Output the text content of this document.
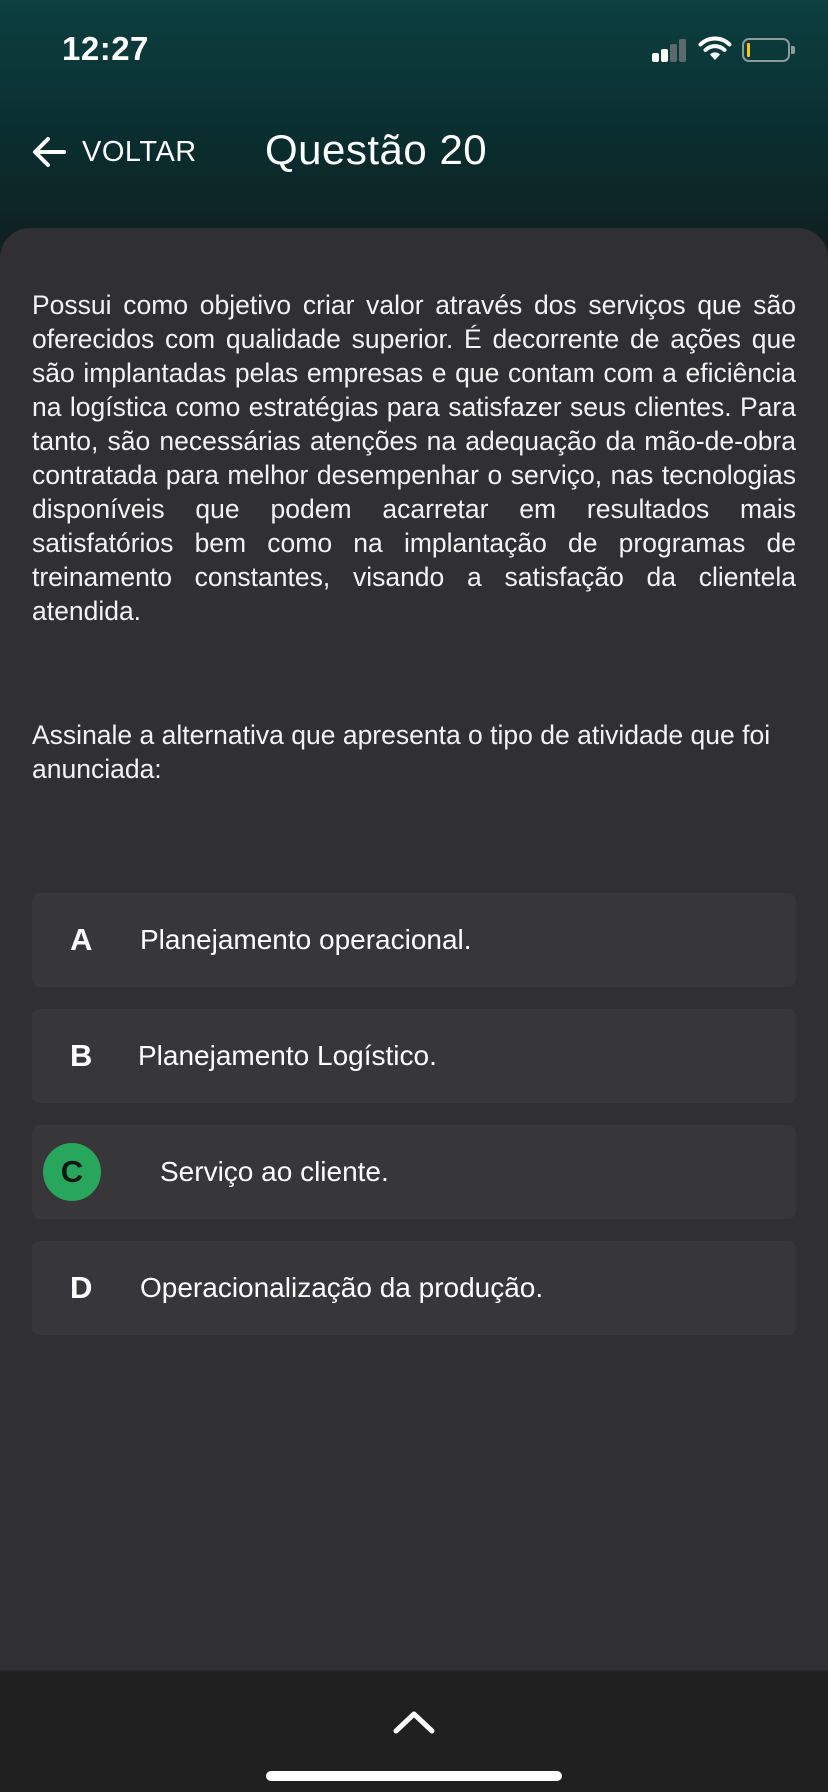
12:27
VOLTAR Questão 20

Possui como objetivo criar valor através dos serviços que são oferecidos com qualidade superior. É decorrente de ações que são implantadas pelas empresas e que contam com a eficiência na logística como estratégias para satisfazer seus clientes. Para tanto, são necessárias atenções na adequação da mão-de-obra contratada para melhor desempenhar o serviço, nas tecnologias disponíveis que podem acarretar em resultados mais satisfatórios bem como na implantação de programas de treinamento constantes, visando a satisfação da clientela atendida.

Assinale a alternativa que apresenta o tipo de atividade que foi anunciada:

A Planejamento operacional.
B Planejamento Logístico.
C	Serviço ao cliente.
D Operacionalização da produção.
